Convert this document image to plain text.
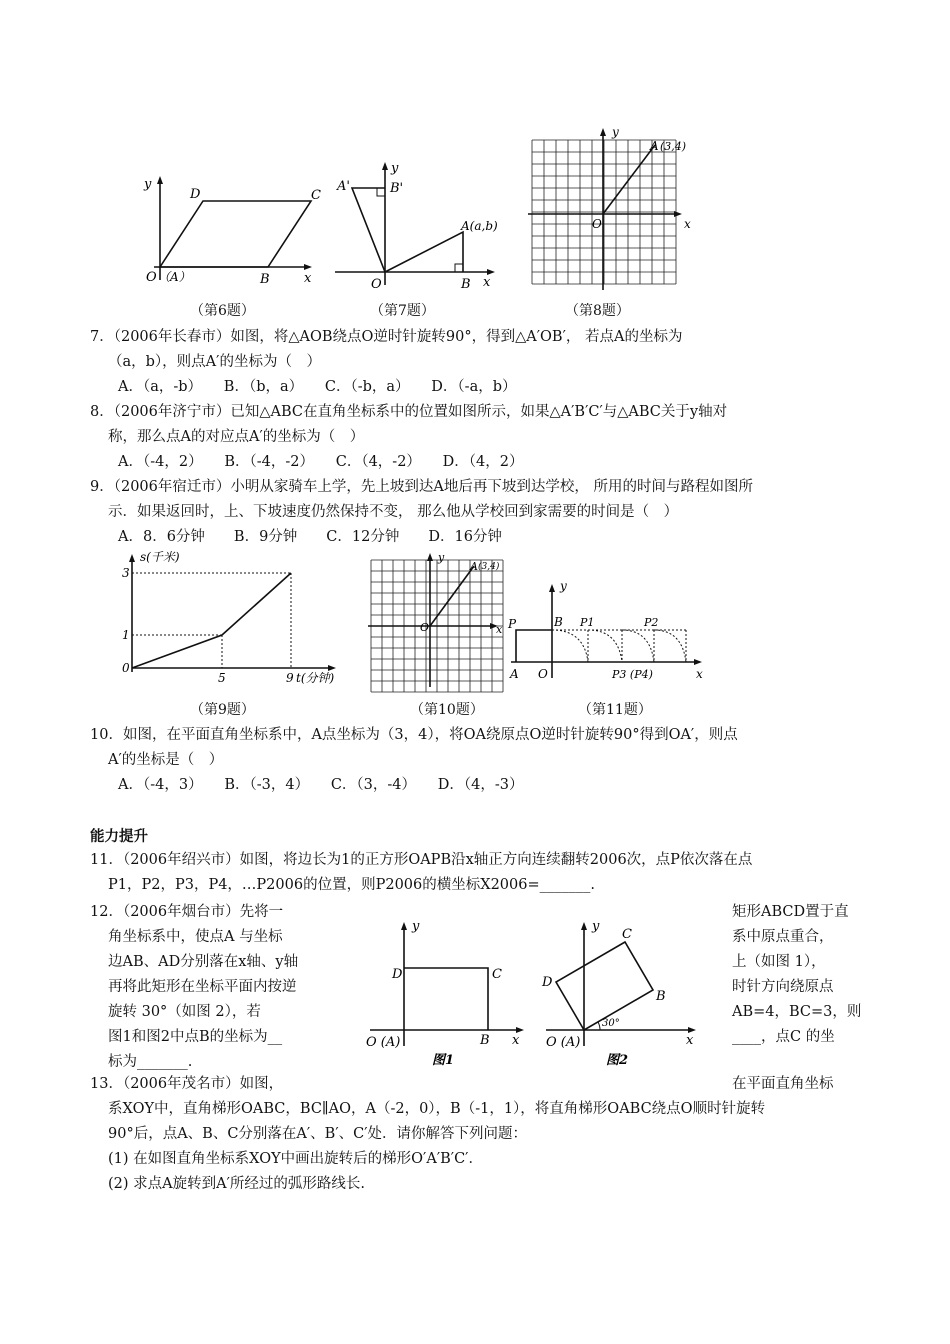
y
x
O （A）
D	C
B
（第6题）
y
x
O
A'	B'
A(a,b)
B
（第7题）
y
x
O
A (3,4)
（第8题）
7．（2006年长春市）如图，将△AOB绕点O逆时针旋转90°，得到△A′OB′， 若点A的坐标为
（a，b），则点A′的坐标为（　）
A．（a，-b）　　B．（b，a）　　C．（-b，a）　　D．（-a，b）
8．（2006年济宁市）已知△ABC在直角坐标系中的位置如图所示，如果△A′B′C′与△ABC关于y轴对
称，那么点A的对应点A′的坐标为（　）
A．（-4，2）　　B．（-4，-2）　　C．（4，-2）　　D．（4，2）
9．（2006年宿迁市）小明从家骑车上学，先上坡到达A地后再下坡到达学校， 所用的时间与路程如图所
示．如果返回时，上、下坡速度仍然保持不变， 那么他从学校回到家需要的时间是（　）
A．8．6分钟　　B．9分钟　　C．12分钟　　D．16分钟
s(千米)
t(分钟)
3
1
0
5	9
（第9题）
y
x
O
A (3,4)
（第10题）
y
x
P	B
A O
P1	P2
P3 (P4)
（第11题）
10．如图，在平面直角坐标系中，A点坐标为（3，4），将OA绕原点O逆时针旋转90°得到OA′，则点
A′的坐标是（　）
A．（-4，3）　　B．（-3，4）　　C．（3，-4）　　D．（4，-3）
能力提升
11．（2006年绍兴市）如图，将边长为1的正方形OAPB沿x轴正方向连续翻转2006次，点P依次落在点
P1，P2，P3，P4，…P2006的位置，则P2006的横坐标X2006=_______.
12．（2006年烟台市）先将一
角坐标系中，使点A 与坐标
边AB、AD分别落在x轴、y轴
再将此矩形在坐标平面内按逆
旋转 30°（如图 2），若
图1和图2中点B的坐标为__
标为_______.
矩形ABCD置于直
系中原点重合，
上（如图 1），
时针方向绕原点
AB=4，BC=3，则
____，点C 的坐
y
x
O (A)
D	C
B
图1
y
x
O (A)
D
C
B
30°
图2
13．（2006年茂名市）如图，	在平面直角坐标
系XOY中，直角梯形OABC，BC∥AO，A（-2，0），B（-1，1），将直角梯形OABC绕点O顺时针旋转
90°后，点A、B、C分别落在A′、B′、C′处．请你解答下列问题：
(1) 在如图直角坐标系XOY中画出旋转后的梯形O′A′B′C′．
(2) 求点A旋转到A′所经过的弧形路线长.
